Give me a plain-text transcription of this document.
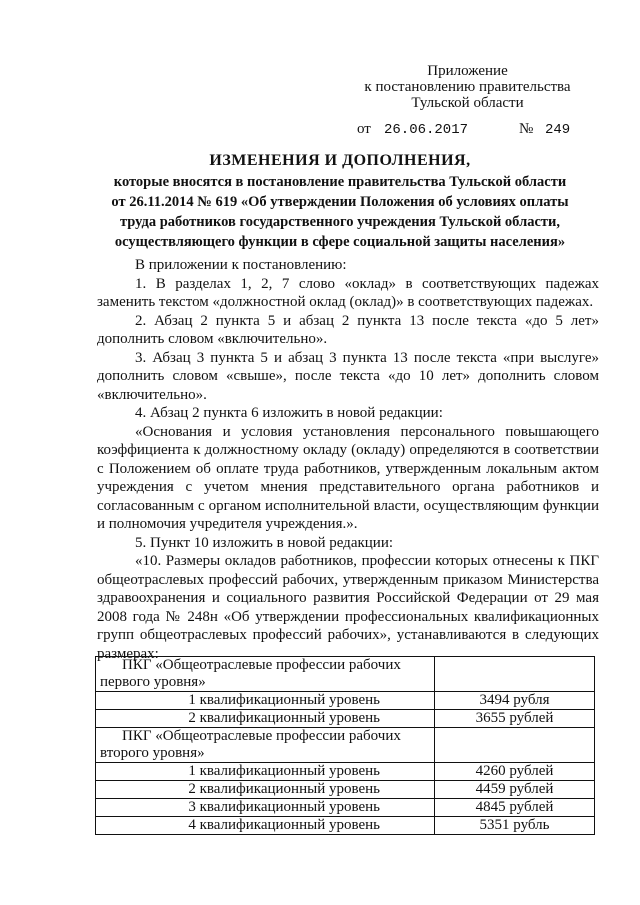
Приложение
к постановлению правительства
Тульской области
от 26.06.2017	№ 249
ИЗМЕНЕНИЯ И ДОПОЛНЕНИЯ,
которые вносятся в постановление правительства Тульской области
от 26.11.2014 № 619 «Об утверждении Положения об условиях оплаты
труда работников государственного учреждения Тульской области,
осуществляющего функции в сфере социальной защиты населения»

В приложении к постановлению:

1. В разделах 1, 2, 7 слово «оклад» в соответствующих падежах заменить текстом «должностной оклад (оклад)» в соответствующих падежах.

2. Абзац 2 пункта 5 и абзац 2 пункта 13 после текста «до 5 лет» дополнить словом «включительно».

3. Абзац 3 пункта 5 и абзац 3 пункта 13 после текста «при выслуге» дополнить словом «свыше», после текста «до 10 лет» дополнить словом «включительно».

4. Абзац 2 пункта 6 изложить в новой редакции:

«Основания и условия установления персонального повышающего коэффициента к должностному окладу (окладу) определяются в соответствии с Положением об оплате труда работников, утвержденным локальным актом учреждения с учетом мнения представительного органа работников и согласованным с органом исполнительной власти, осуществляющим функции и полномочия учредителя учреждения.».

5. Пункт 10 изложить в новой редакции:

«10. Размеры окладов работников, профессии которых отнесены к ПКГ общеотраслевых профессий рабочих, утвержденным приказом Министерства здравоохранения и социального развития Российской Федерации от 29 мая 2008 года № 248н «Об утверждении профессиональных квалификационных групп общеотраслевых профессий рабочих», устанавливаются в следующих размерах:

ПКГ «Общеотраслевые профессии рабочих первого уровня»	
1 квалификационный уровень	3494 рубля
2 квалификационный уровень	3655 рублей
ПКГ «Общеотраслевые профессии рабочих второго уровня»	
1 квалификационный уровень	4260 рублей
2 квалификационный уровень	4459 рублей
3 квалификационный уровень	4845 рублей
4 квалификационный уровень	5351 рубль
